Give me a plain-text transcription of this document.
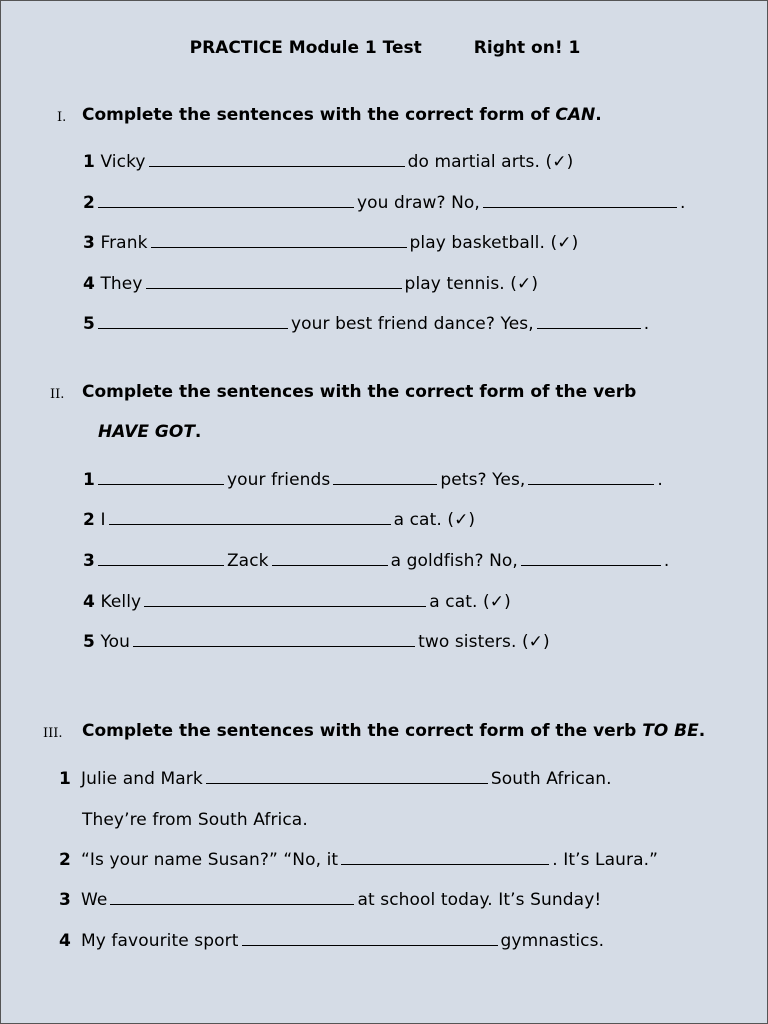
PRACTICE Module 1 Test	Right on! 1
I. Complete the sentences with the correct form of CAN.
1 Vicky	do martial arts. (✓)
2	you draw? No,	.
3 Frank	play basketball. (✓)
4 They	play tennis. (✓)
5	your best friend dance? Yes,	.
II. Complete the sentences with the correct form of the verb
HAVE GOT.
1	your friends	pets? Yes,	.
2 I	a cat. (✓)
3	Zack	a goldfish? No,	.
4 Kelly	a cat. (✓)
5 You	two sisters. (✓)
III. Complete the sentences with the correct form of the verb TO BE.
1 Julie and Mark	South African.
They’re from South Africa.
2 “Is your name Susan?” “No, it	. It’s Laura.”
3 We	at school today. It’s Sunday!
4 My favourite sport	gymnastics.
